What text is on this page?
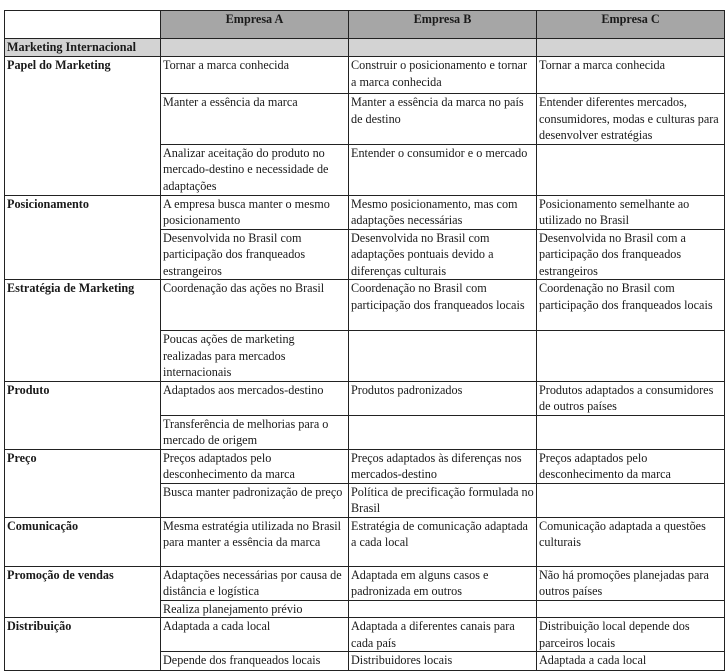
	Empresa A	Empresa B	Empresa C
Marketing Internacional			
Papel do Marketing	Tornar a marca conhecida	Construir o posicionamento e tornar a marca conhecida	Tornar a marca conhecida
	Manter a essência da marca	Manter a essência da marca no país de destino	Entender diferentes mercados, consumidores, modas e culturas para desenvolver estratégias
	Analizar aceitação do produto no mercado-destino e necessidade de adaptações	Entender o consumidor e o mercado	
Posicionamento	A empresa busca manter o mesmo posicionamento	Mesmo posicionamento, mas com adaptações necessárias	Posicionamento semelhante ao utilizado no Brasil
	Desenvolvida no Brasil com participação dos franqueados estrangeiros	Desenvolvida no Brasil com adaptações pontuais devido a diferenças culturais	Desenvolvida no Brasil com a participação dos franqueados estrangeiros
Estratégia de Marketing	Coordenação das ações no Brasil	Coordenação no Brasil com participação dos franqueados locais	Coordenação no Brasil com participação dos franqueados locais
	Poucas ações de marketing realizadas para mercados internacionais		
Produto	Adaptados aos mercados-destino	Produtos padronizados	Produtos adaptados a consumidores de outros países
	Transferência de melhorias para o mercado de origem		
Preço	Preços adaptados pelo desconhecimento da marca	Preços adaptados às diferenças nos mercados-destino	Preços adaptados pelo desconhecimento da marca
	Busca manter padronização de preço	Política de precificação formulada no Brasil	
Comunicação	Mesma estratégia utilizada no Brasil para manter a essência da marca	Estratégia de comunicação adaptada a cada local	Comunicação adaptada a questões culturais
Promoção de vendas	Adaptações necessárias por causa de distância e logística	Adaptada em alguns casos e padronizada em outros	Não há promoções planejadas para outros países
	Realiza planejamento prévio		
Distribuição	Adaptada a cada local	Adaptada a diferentes canais para cada país	Distribuição local depende dos parceiros locais
	Depende dos franqueados locais	Distribuidores locais	Adaptada a cada local
